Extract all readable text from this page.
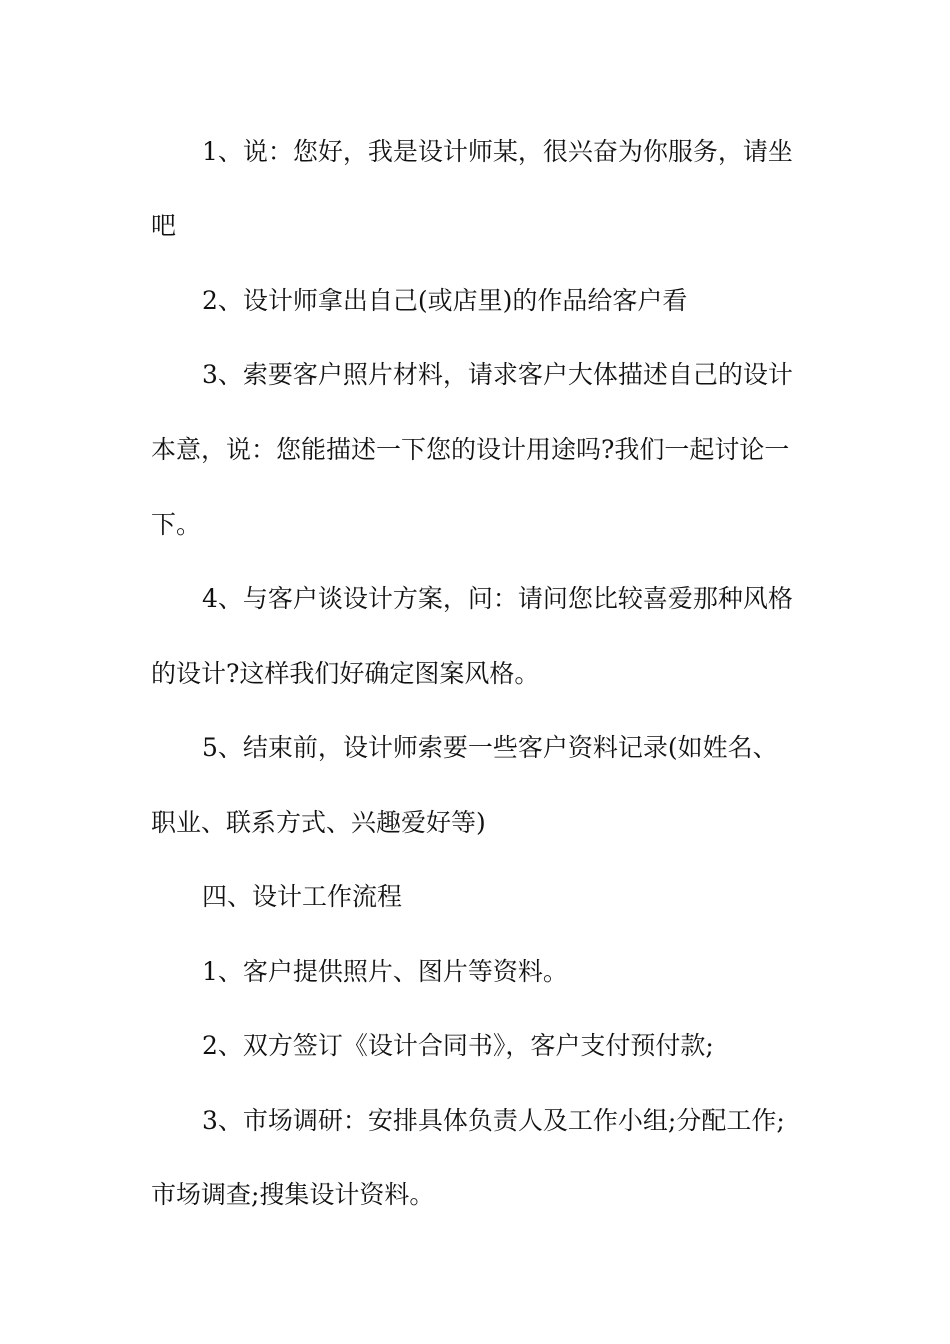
1、说：您好，我是设计师某，很兴奋为你服务，请坐

吧

2、设计师拿出自己(或店里)的作品给客户看

3、索要客户照片材料，请求客户大体描述自己的设计

本意，说：您能描述一下您的设计用途吗?我们一起讨论一

下。

4、与客户谈设计方案，问：请问您比较喜爱那种风格

的设计?这样我们好确定图案风格。

5、结束前，设计师索要一些客户资料记录(如姓名、

职业、联系方式、兴趣爱好等)

四、设计工作流程

1、客户提供照片、图片等资料。

2、双方签订《设计合同书》，客户支付预付款;

3、市场调研：安排具体负责人及工作小组;分配工作;

市场调查;搜集设计资料。
